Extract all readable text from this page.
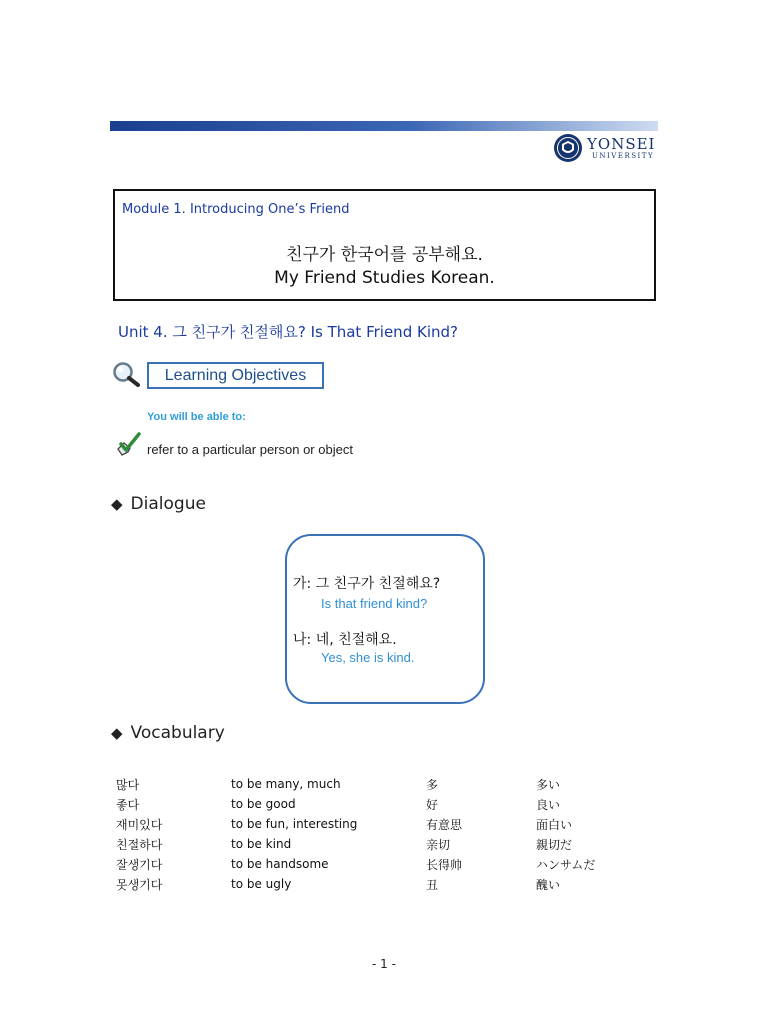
YONSEI
UNIVERSITY
Module 1. Introducing One’s Friend
친구가 한국어를 공부해요.
My Friend Studies Korean.
Unit 4. 그 친구가 친절해요? Is That Friend Kind?
Learning Objectives
You will be able to:
refer to a particular person or object
◆ Dialogue
가: 그 친구가 친절해요?
Is that friend kind?
나: 네, 친절해요.
Yes, she is kind.
◆ Vocabulary
많다	to be many, much	多	多い
좋다	to be good	好	良い
재미있다	to be fun, interesting	有意思	面白い
친절하다	to be kind	亲切	親切だ
잘생기다	to be handsome	长得帅	ハンサムだ
못생기다	to be ugly	丑	醜い
- 1 -
